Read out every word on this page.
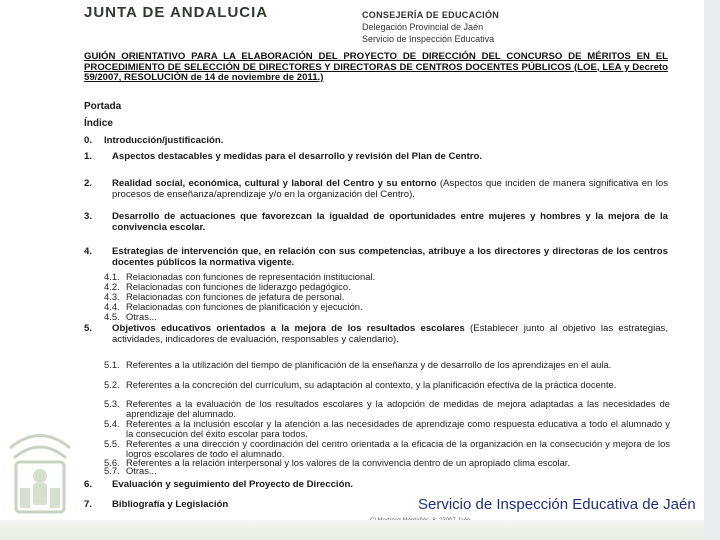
JUNTA DE ANDALUCIA	CONSEJERÍA DE EDUCACIÓN
Delegación Provincial de Jaén
Servicio de Inspección Educativa
GUIÓN ORIENTATIVO PARA LA ELABORACIÓN DEL PROYECTO DE DIRECCIÓN DEL CONCURSO DE MÉRITOS EN EL PROCEDIMIENTO DE SELECCIÓN DE DIRECTORES Y DIRECTORAS DE CENTROS DOCENTES PÚBLICOS (LOE, LEA y Decreto 59/2007, RESOLUCIÓN de 14 de noviembre de 2011.)
Portada
Índice
0. Introducción/justificación.
1. Aspectos destacables y medidas para el desarrollo y revisión del Plan de Centro.
2. Realidad social, económica, cultural y laboral del Centro y su entorno (Aspectos que inciden de manera significativa en los procesos de enseñanza/aprendizaje y/o en la organización del Centro).
3. Desarrollo de actuaciones que favorezcan la igualdad de oportunidades entre mujeres y hombres y la mejora de la convivencia escolar.
4. Estrategias de intervención que, en relación con sus competencias, atribuye a los directores y directoras de los centros docentes públicos la normativa vigente.
4.1. Relacionadas con funciones de representación institucional.
4.2. Relacionadas con funciones de liderazgo pedagógico.
4.3. Relacionadas con funciones de jefatura de personal.
4.4. Relacionadas con funciones de planificación y ejecución.
4.5. Otras...
5. Objetivos educativos orientados a la mejora de los resultados escolares (Establecer junto al objetivo las estrategias, actividades, indicadores de evaluación, responsables y calendario).
5.1. Referentes a la utilización del tiempo de planificación de la enseñanza y de desarrollo de los aprendizajes en el aula.
5.2. Referentes a la concreción del currículum, su adaptación al contexto, y la planificación efectiva de la práctica docente.
5.3. Referentes a la evaluación de los resultados escolares y la adopción de medidas de mejora adaptadas a las necesidades de aprendizaje del alumnado.
5.4. Referentes a la inclusión escolar y la atención a las necesidades de aprendizaje como respuesta educativa a todo el alumnado y la consecución del éxito escolar para todos.
5.5. Referentes a una dirección y coordinación del centro orientada a la eficacia de la organización en la consecución y mejora de los logros escolares de todo el alumnado.
5.6. Referentes a la relación interpersonal y los valores de la convivencia dentro de un apropiado clima escolar.
5.7. Otras...
6. Evaluación y seguimiento del Proyecto de Dirección.
7. Bibliografía y Legislación	Servicio de Inspección Educativa de Jaén
